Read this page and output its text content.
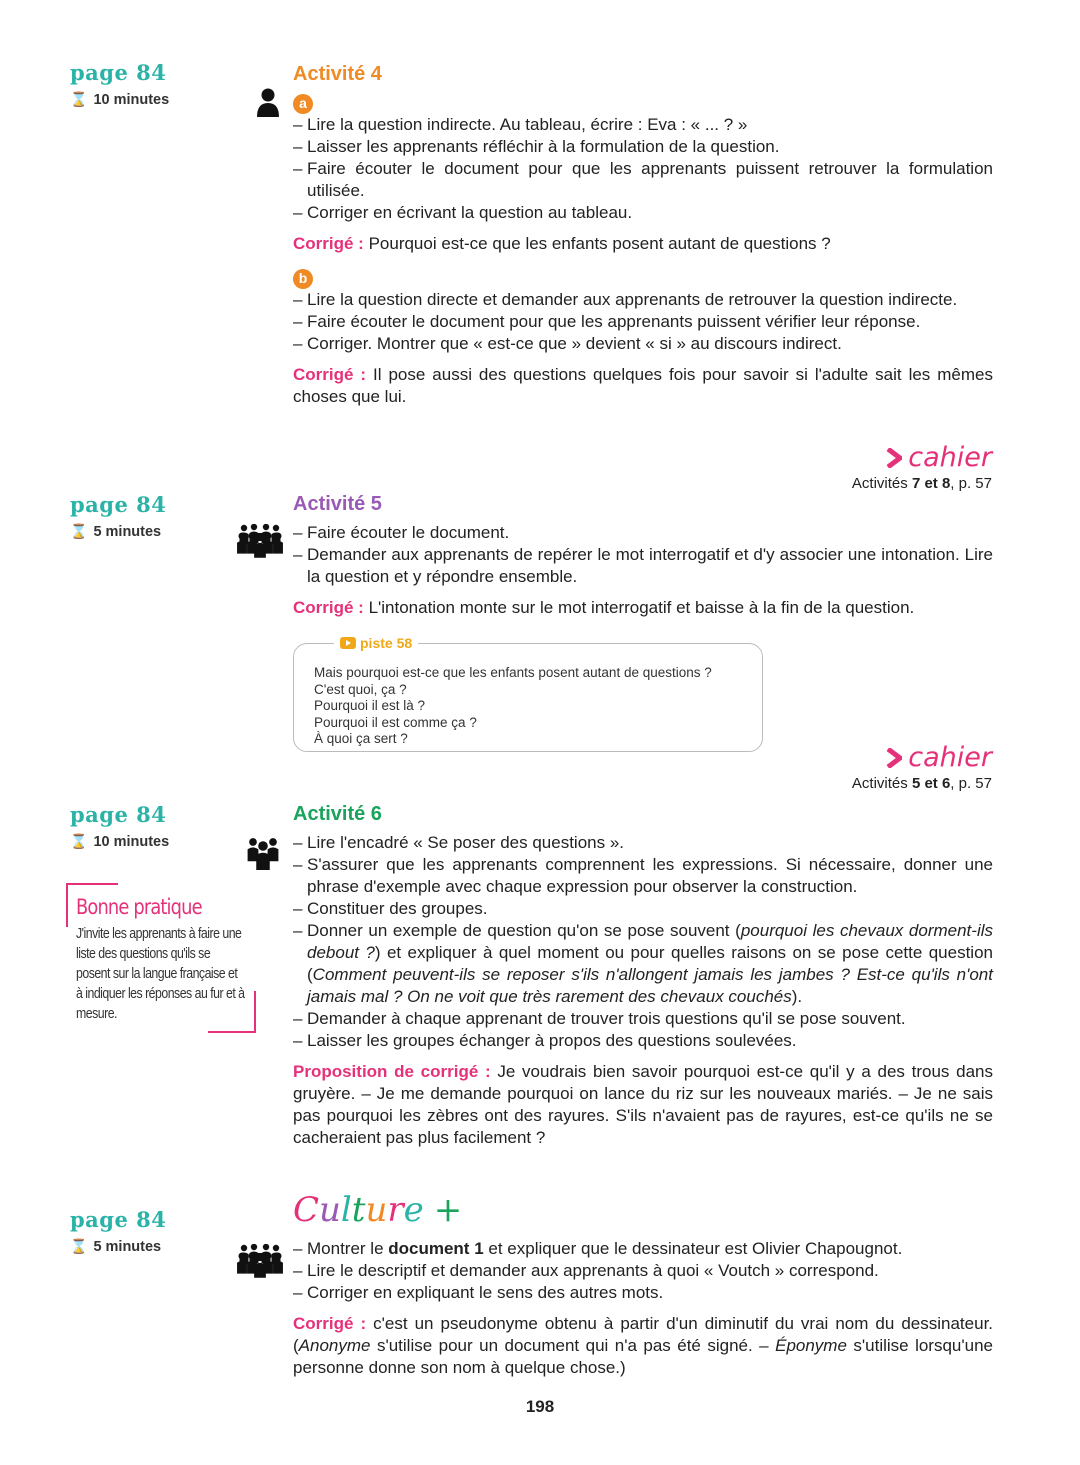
page 84
⌛ 10 minutes
Activité 4
a
– Lire la question indirecte. Au tableau, écrire : Eva : « ... ? »
– Laisser les apprenants réfléchir à la formulation de la question.
– Faire écouter le document pour que les apprenants puissent retrouver la formulation utilisée.
– Corriger en écrivant la question au tableau.
Corrigé : Pourquoi est-ce que les enfants posent autant de questions ?
b
– Lire la question directe et demander aux apprenants de retrouver la question indirecte.
– Faire écouter le document pour que les apprenants puissent vérifier leur réponse.
– Corriger. Montrer que « est-ce que » devient « si » au discours indirect.
Corrigé : Il pose aussi des questions quelques fois pour savoir si l'adulte sait les mêmes choses que lui.
cahier
Activités 7 et 8, p. 57
page 84
⌛ 5 minutes
Activité 5
– Faire écouter le document.
– Demander aux apprenants de repérer le mot interrogatif et d'y associer une intonation. Lire la question et y répondre ensemble.
Corrigé : L'intonation monte sur le mot interrogatif et baisse à la fin de la question.
piste 58
Mais pourquoi est-ce que les enfants posent autant de questions ?
C'est quoi, ça ?
Pourquoi il est là ?
Pourquoi il est comme ça ?
À quoi ça sert ?
cahier
Activités 5 et 6, p. 57
page 84
⌛ 10 minutes
Bonne pratique
J'invite les apprenants à faire une liste des questions qu'ils se posent sur la langue française et à indiquer les réponses au fur et à mesure.
Activité 6
– Lire l'encadré « Se poser des questions ».
– S'assurer que les apprenants comprennent les expressions. Si nécessaire, donner une phrase d'exemple avec chaque expression pour observer la construction.
– Constituer des groupes.
– Donner un exemple de question qu'on se pose souvent (pourquoi les chevaux dorment-ils debout ?) et expliquer à quel moment ou pour quelles raisons on se pose cette question (Comment peuvent-ils se reposer s'ils n'allongent jamais les jambes ? Est-ce qu'ils n'ont jamais mal ? On ne voit que très rarement des chevaux couchés).
– Demander à chaque apprenant de trouver trois questions qu'il se pose souvent.
– Laisser les groupes échanger à propos des questions soulevées.
Proposition de corrigé : Je voudrais bien savoir pourquoi est-ce qu'il y a des trous dans gruyère. – Je me demande pourquoi on lance du riz sur les nouveaux mariés. – Je ne sais pas pourquoi les zèbres ont des rayures. S'ils n'avaient pas de rayures, est-ce qu'ils ne se cacheraient pas plus facilement ?
page 84
⌛ 5 minutes
Culture +
– Montrer le document 1 et expliquer que le dessinateur est Olivier Chapougnot.
– Lire le descriptif et demander aux apprenants à quoi « Voutch » correspond.
– Corriger en expliquant le sens des autres mots.
Corrigé : c'est un pseudonyme obtenu à partir d'un diminutif du vrai nom du dessinateur. (Anonyme s'utilise pour un document qui n'a pas été signé. – Éponyme s'utilise lorsqu'une personne donne son nom à quelque chose.)
198
